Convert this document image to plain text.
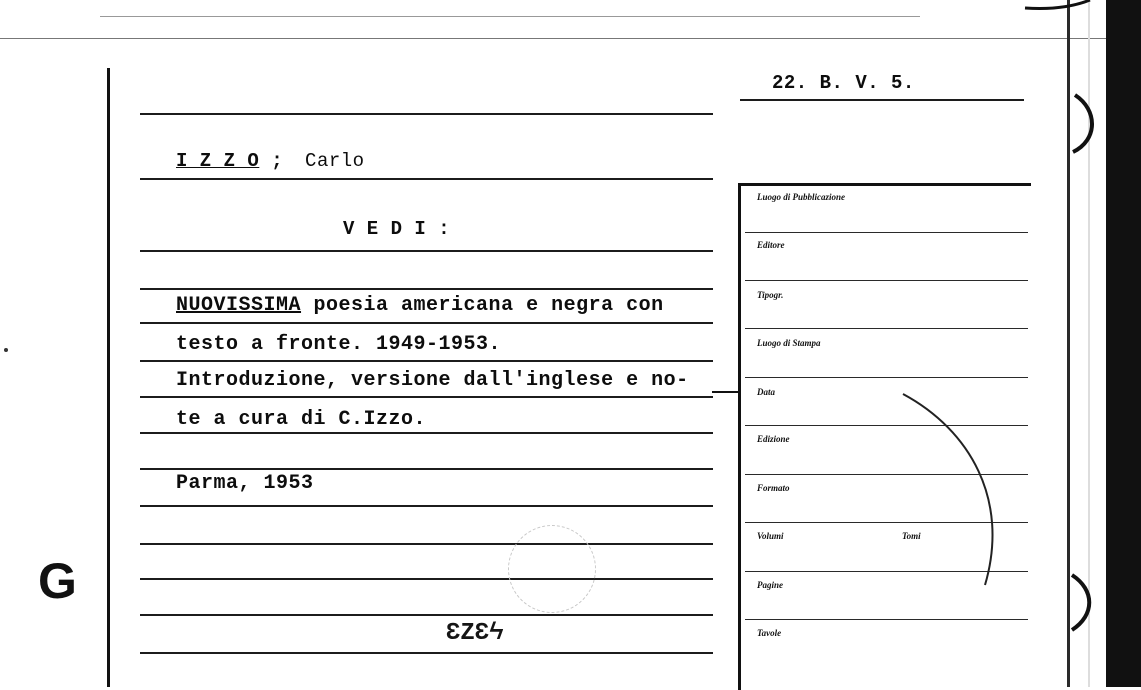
22. B. V. 5.
I Z Z O ; Carlo
V E D I :
NUOVISSIMA poesia americana e negra con
testo a fronte. 1949-1953.
Introduzione, versione dall'inglese e no-
te a cura di C.Izzo.
Parma, 1953
ƐZƐϟ
G
Luogo di Pubblicazione
Editore
Tipogr.
Luogo di Stampa
Data
Edizione
Formato
Volumi	Tomi
Pagine
Tavole
